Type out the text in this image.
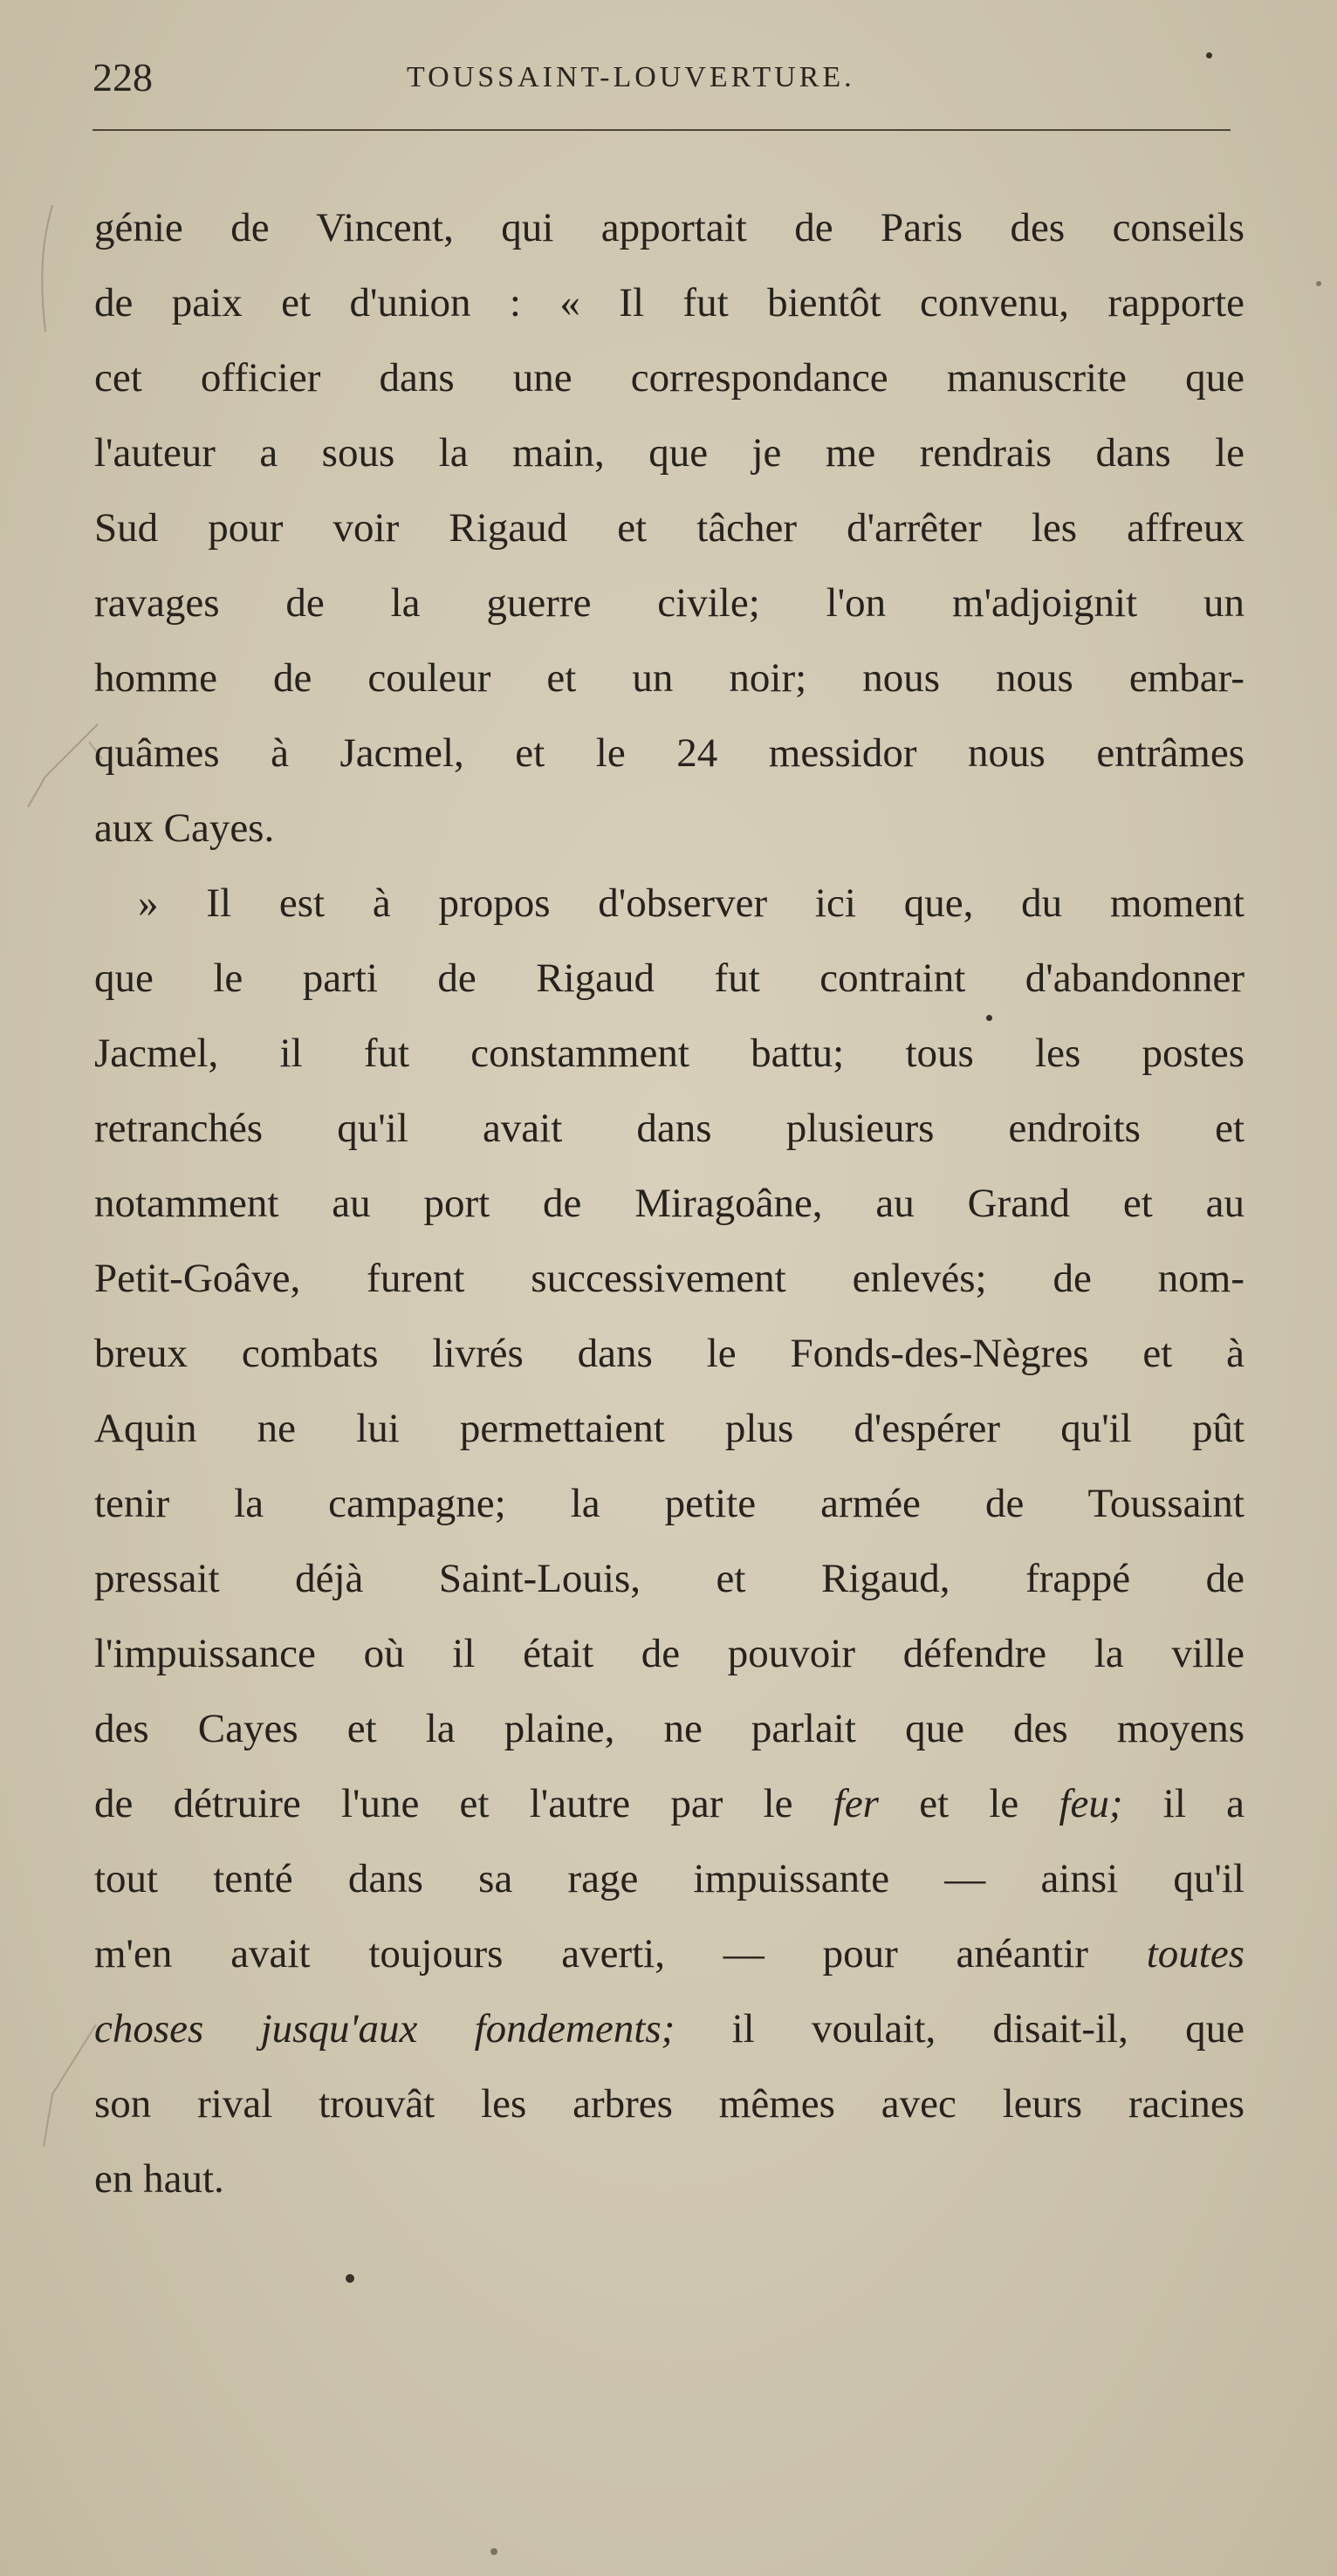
228	TOUSSAINT-LOUVERTURE.
génie de Vincent, qui apportait de Paris des conseils
de paix et d'union : « Il fut bientôt convenu, rapporte
cet officier dans une correspondance manuscrite que
l'auteur a sous la main, que je me rendrais dans le
Sud pour voir Rigaud et tâcher d'arrêter les affreux
ravages de la guerre civile; l'on m'adjoignit un
homme de couleur et un noir; nous nous embar-
quâmes à Jacmel, et le 24 messidor nous entrâmes
aux Cayes.
» Il est à propos d'observer ici que, du moment
que le parti de Rigaud fut contraint d'abandonner
Jacmel, il fut constamment battu; tous les postes
retranchés qu'il avait dans plusieurs endroits et
notamment au port de Miragoâne, au Grand et au
Petit-Goâve, furent successivement enlevés; de nom-
breux combats livrés dans le Fonds-des-Nègres et à
Aquin ne lui permettaient plus d'espérer qu'il pût
tenir la campagne; la petite armée de Toussaint
pressait déjà Saint-Louis, et Rigaud, frappé de
l'impuissance où il était de pouvoir défendre la ville
des Cayes et la plaine, ne parlait que des moyens
de détruire l'une et l'autre par le fer et le feu; il a
tout tenté dans sa rage impuissante — ainsi qu'il
m'en avait toujours averti, — pour anéantir toutes
choses jusqu'aux fondements; il voulait, disait-il, que
son rival trouvât les arbres mêmes avec leurs racines
en haut.
